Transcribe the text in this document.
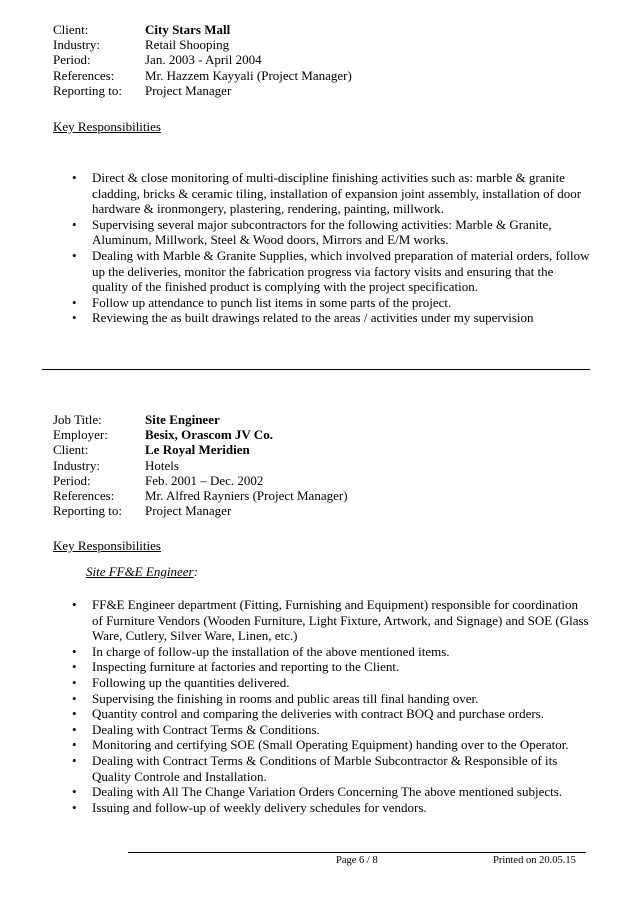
Client:	City Stars Mall
Industry:	Retail Shooping
Period:	Jan. 2003 - April 2004
References:	Mr. Hazzem Kayyali (Project Manager)
Reporting to:	Project Manager
Key Responsibilities
• Direct & close monitoring of multi-discipline finishing activities such as: marble & granite cladding, bricks & ceramic tiling, installation of expansion joint assembly, installation of door hardware & ironmongery, plastering, rendering, painting, millwork.
• Supervising several major subcontractors for the following activities: Marble & Granite, Aluminum, Millwork, Steel & Wood doors, Mirrors and E/M works.
• Dealing with Marble & Granite Supplies, which involved preparation of material orders, follow up the deliveries, monitor the fabrication progress via factory visits and ensuring that the quality of the finished product is complying with the project specification.
• Follow up attendance to punch list items in some parts of the project.
• Reviewing the as built drawings related to the areas / activities under my supervision
Job Title:	Site Engineer
Employer:	Besix, Orascom JV Co.
Client:	Le Royal Meridien
Industry:	Hotels
Period:	Feb. 2001 – Dec. 2002
References:	Mr. Alfred Rayniers (Project Manager)
Reporting to:	Project Manager
Key Responsibilities
Site FF&E Engineer:
• FF&E Engineer department (Fitting, Furnishing and Equipment) responsible for coordination of Furniture Vendors (Wooden Furniture, Light Fixture, Artwork, and Signage) and SOE (Glass Ware, Cutlery, Silver Ware, Linen, etc.)
• In charge of follow-up the installation of the above mentioned items.
• Inspecting furniture at factories and reporting to the Client.
• Following up the quantities delivered.
• Supervising the finishing in rooms and public areas till final handing over.
• Quantity control and comparing the deliveries with contract BOQ and purchase orders.
• Dealing with Contract Terms & Conditions.
• Monitoring and certifying SOE (Small Operating Equipment) handing over to the Operator.
• Dealing with Contract Terms & Conditions of Marble Subcontractor & Responsible of its Quality Controle and Installation.
• Dealing with All The Change Variation Orders Concerning The above mentioned subjects.
• Issuing and follow-up of weekly delivery schedules for vendors.
Page 6 / 8	Printed on 20.05.15
